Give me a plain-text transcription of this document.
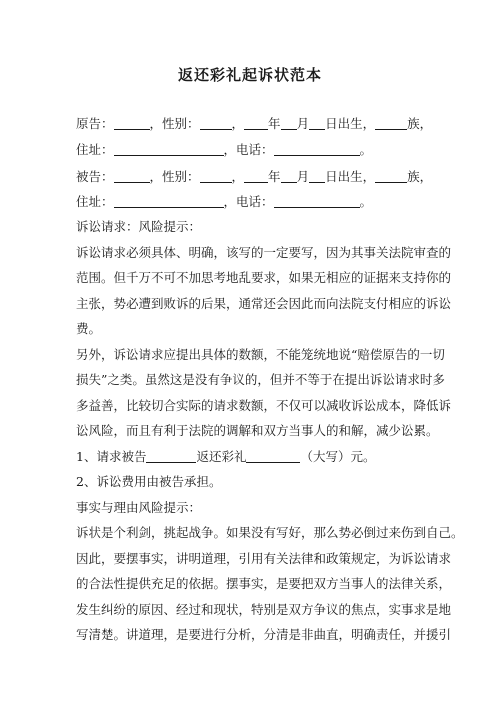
返还彩礼起诉状范本
原告：	，性别：	， 年 月 日出生，	族，
住址：	，电话：	。
被告：	，性别：	， 年 月 日出生，	族，
住址：	，电话：	。
诉讼请求：风险提示：
诉讼请求必须具体、明确，该写的一定要写，因为其事关法院审查的
范围。但千万不可不加思考地乱要求，如果无相应的证据来支持你的
主张，势必遭到败诉的后果，通常还会因此而向法院支付相应的诉讼
费。
另外，诉讼请求应提出具体的数额，不能笼统地说“赔偿原告的一切
损失”之类。虽然这是没有争议的，但并不等于在提出诉讼请求时多
多益善，比较切合实际的请求数额，不仅可以减收诉讼成本，降低诉
讼风险，而且有利于法院的调解和双方当事人的和解，减少讼累。
1、请求被告	返还彩礼	（大写）元。
2、诉讼费用由被告承担。
事实与理由风险提示：
诉状是个利剑，挑起战争。如果没有写好，那么势必倒过来伤到自己。
因此，要摆事实，讲明道理，引用有关法律和政策规定，为诉讼请求
的合法性提供充足的依据。摆事实，是要把双方当事人的法律关系，
发生纠纷的原因、经过和现状，特别是双方争议的焦点，实事求是地
写清楚。讲道理，是要进行分析，分清是非曲直，明确责任，并援引
